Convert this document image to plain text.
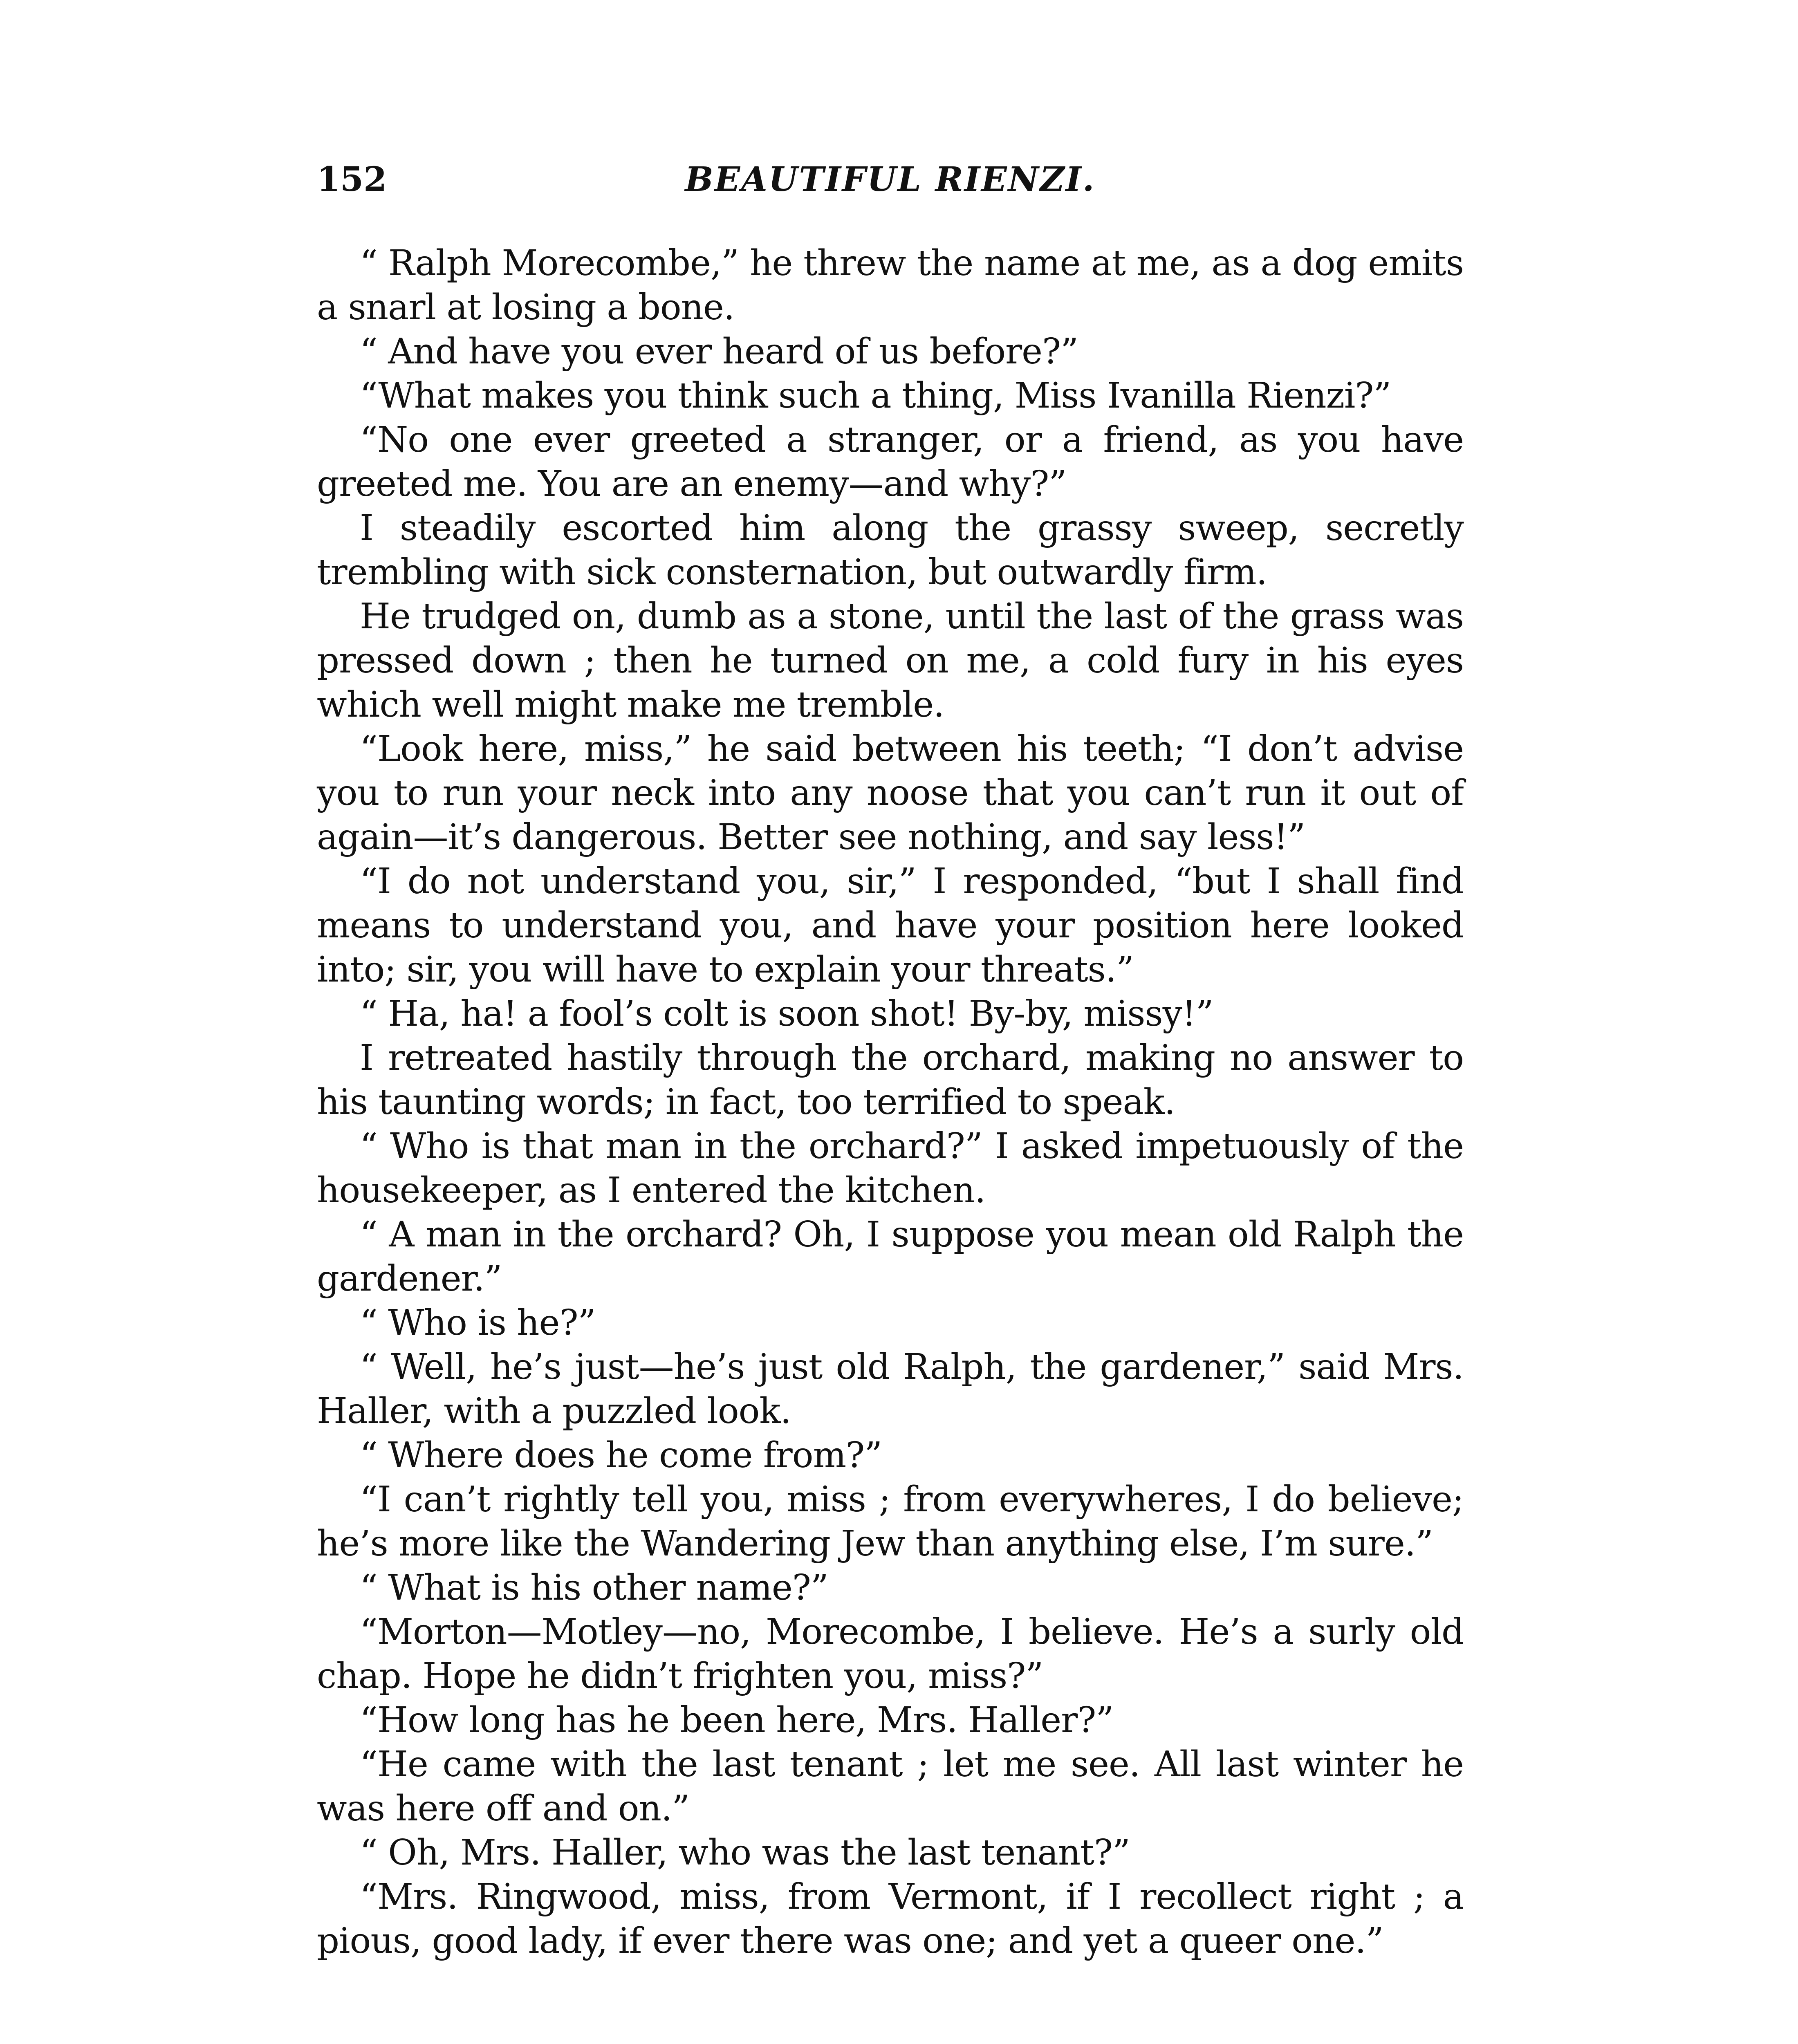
152	BEAUTIFUL RIENZI.

“ Ralph Morecombe,” he threw the name at me, as a dog emits a snarl at losing a bone.

“ And have you ever heard of us before?”

“What makes you think such a thing, Miss Ivanilla Rienzi?”

“No one ever greeted a stranger, or a friend, as you have greeted me. You are an enemy—and why?”

I steadily escorted him along the grassy sweep, secretly trembling with sick consternation, but outwardly firm.

He trudged on, dumb as a stone, until the last of the grass was pressed down ; then he turned on me, a cold fury in his eyes which well might make me tremble.

“Look here, miss,” he said between his teeth; “I don’t advise you to run your neck into any noose that you can’t run it out of again—it’s dangerous. Better see nothing, and say less!”

“I do not understand you, sir,” I responded, “but I shall find means to understand you, and have your position here looked into; sir, you will have to explain your threats.”

“ Ha, ha! a fool’s colt is soon shot! By-by, missy!”

I retreated hastily through the orchard, making no answer to his taunting words; in fact, too terrified to speak.

“ Who is that man in the orchard?” I asked impetuously of the housekeeper, as I entered the kitchen.

“ A man in the orchard? Oh, I suppose you mean old Ralph the gardener.”

“ Who is he?”

“ Well, he’s just—he’s just old Ralph, the gardener,” said Mrs. Haller, with a puzzled look.

“ Where does he come from?”

“I can’t rightly tell you, miss ; from everywheres, I do believe; he’s more like the Wandering Jew than anything else, I’m sure.”

“ What is his other name?”

“Morton—Motley—no, Morecombe, I believe. He’s a surly old chap. Hope he didn’t frighten you, miss?”

“How long has he been here, Mrs. Haller?”

“He came with the last tenant ; let me see. All last winter he was here off and on.”

“ Oh, Mrs. Haller, who was the last tenant?”

“Mrs. Ringwood, miss, from Vermont, if I recollect right ; a pious, good lady, if ever there was one; and yet a queer one.”
